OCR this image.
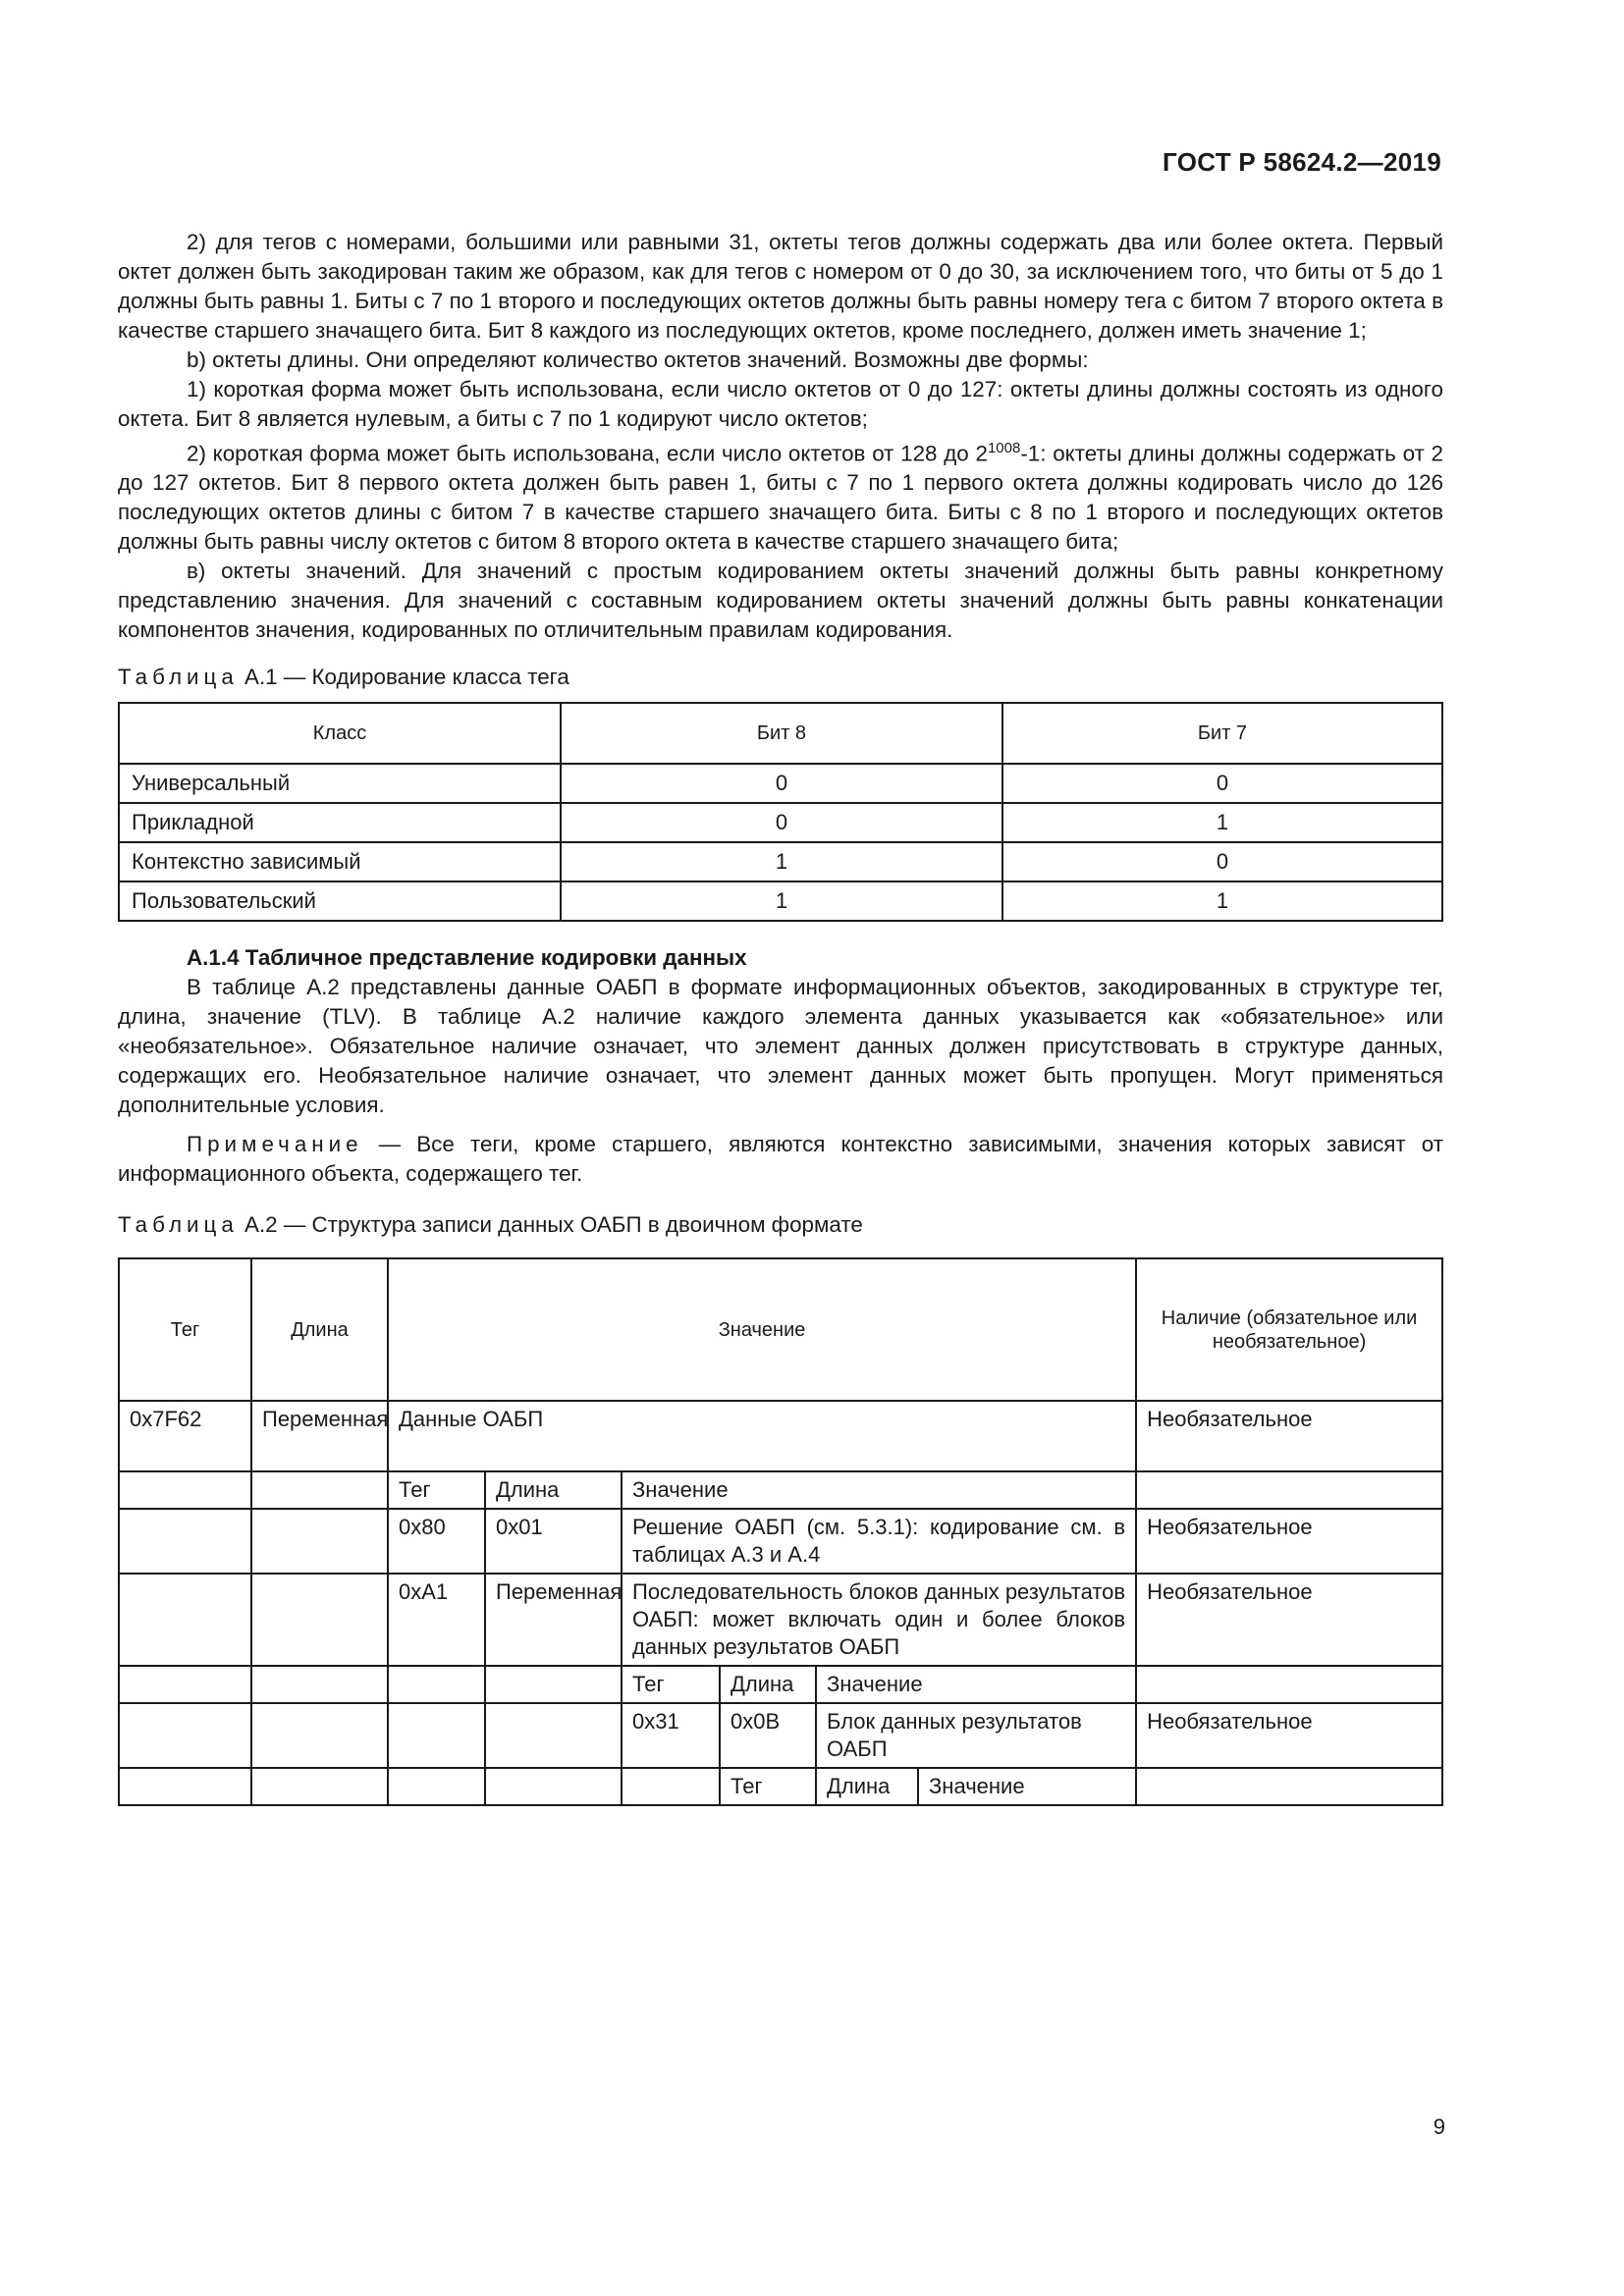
ГОСТ Р 58624.2—2019

2) для тегов с номерами, большими или равными 31, октеты тегов должны содержать два или более октета. Первый октет должен быть закодирован таким же образом, как для тегов с номером от 0 до 30, за исключением того, что биты от 5 до 1 должны быть равны 1. Биты с 7 по 1 второго и последующих октетов должны быть равны номеру тега с битом 7 второго октета в качестве старшего значащего бита. Бит 8 каждого из последующих октетов, кроме последнего, должен иметь значение 1;

b) октеты длины. Они определяют количество октетов значений. Возможны две формы:

1) короткая форма может быть использована, если число октетов от 0 до 127: октеты длины должны состоять из одного октета. Бит 8 является нулевым, а биты с 7 по 1 кодируют число октетов;

2) короткая форма может быть использована, если число октетов от 128 до $2^{1008}-1$: октеты длины должны содержать от 2 до 127 октетов. Бит 8 первого октета должен быть равен 1, биты с 7 по 1 первого октета должны кодировать число до 126 последующих октетов длины с битом 7 в качестве старшего значащего бита. Биты с 8 по 1 второго и последующих октетов должны быть равны числу октетов с битом 8 второго октета в качестве старшего значащего бита;

в) октеты значений. Для значений с простым кодированием октеты значений должны быть равны конкретному представлению значения. Для значений с составным кодированием октеты значений должны быть равны конкатенации компонентов значения, кодированных по отличительным правилам кодирования.

Таблица А.1 — Кодирование класса тега

Класс	Бит 8	Бит 7
Универсальный	0	0
Прикладной	0	1
Контекстно зависимый	1	0
Пользовательский	1	1

А.1.4 Табличное представление кодировки данных

В таблице А.2 представлены данные ОАБП в формате информационных объектов, закодированных в структуре тег, длина, значение (TLV). В таблице А.2 наличие каждого элемента данных указывается как «обязательное» или «необязательное». Обязательное наличие означает, что элемент данных должен присутствовать в структуре данных, содержащих его. Необязательное наличие означает, что элемент данных может быть пропущен. Могут применяться дополнительные условия.

Примечание — Все теги, кроме старшего, являются контекстно зависимыми, значения которых зависят от информационного объекта, содержащего тег.

Таблица А.2 — Структура записи данных ОАБП в двоичном формате

Тег	Длина	Значение						Наличие (обязательное или необязательное)
0x7F62	Переменная	Данные ОАБП						Необязательное
		Тег	Длина	Значение				
		0x80	0x01	Решение ОАБП (см. 5.3.1): кодирование см. в таблицах А.3 и А.4				Необязательное
		0xA1	Переменная	Последовательность блоков данных результатов ОАБП: может включать один и более блоков данных результатов ОАБП				Необязательное
				Тег	Длина	Значение		
				0x31	0x0B	Блок данных результатов ОАБП		Необязательное
					Тег	Длина	Значение	
9
